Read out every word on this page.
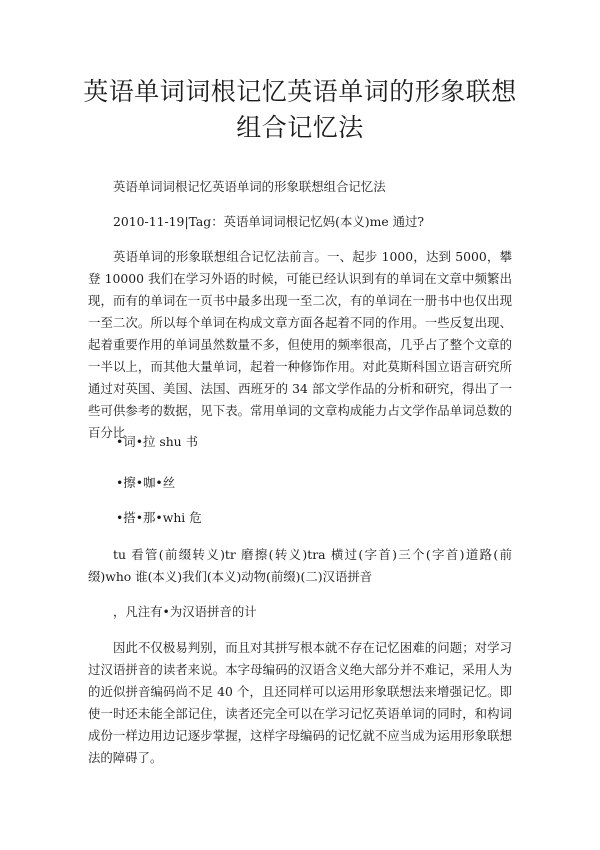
英语单词词根记忆英语单词的形象联想
组合记忆法

英语单词词根记忆英语单词的形象联想组合记忆法

2010-11-19|Tag：英语单词词根记忆妈(本义)me 通过?

英语单词的形象联想组合记忆法前言。一、起步 1000，达到 5000，攀登 10000 我们在学习外语的时候，可能已经认识到有的单词在文章中频繁出现，而有的单词在一页书中最多出现一至二次，有的单词在一册书中也仅出现一至二次。所以每个单词在构成文章方面各起着不同的作用。一些反复出现、起着重要作用的单词虽然数量不多，但使用的频率很高，几乎占了整个文章的一半以上，而其他大量单词，起着一种修饰作用。对此莫斯科国立语言研究所通过对英国、美国、法国、西班牙的 34 部文学作品的分析和研究，得出了一些可供参考的数据，见下表。常用单词的文章构成能力占文学作品单词总数的百分比

•词•拉 shu 书

•擦•咖•丝

•搭•那•whi 危

tu 看管(前缀转义)tr 磨擦(转义)tra 横过(字首)三个(字首)道路(前缀)who 谁(本义)我们(本义)动物(前缀)(二)汉语拼音

，凡注有•为汉语拼音的计

因此不仅极易判别，而且对其拼写根本就不存在记忆困难的问题；对学习过汉语拼音的读者来说。本字母编码的汉语含义绝大部分并不难记，采用人为的近似拼音编码尚不足 40 个，且还同样可以运用形象联想法来增强记忆。即使一时还未能全部记住，读者还完全可以在学习记忆英语单词的同时，和构词成份一样边用边记逐步掌握，这样字母编码的记忆就不应当成为运用形象联想法的障碍了。
